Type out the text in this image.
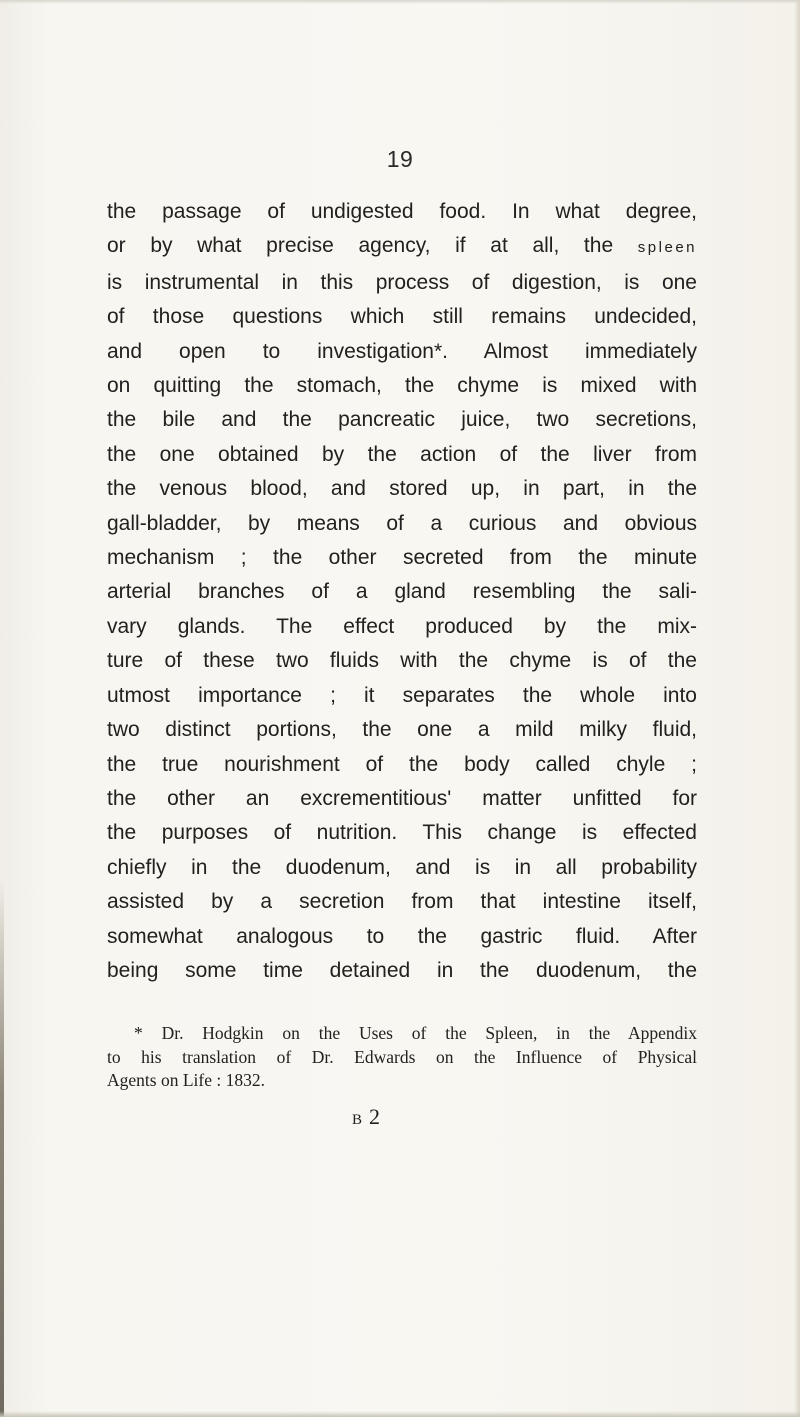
19
the passage of undigested food. In what degree,
or by what precise agency, if at all, the spleen
is instrumental in this process of digestion, is one
of those questions which still remains undecided,
and open to investigation*. Almost immediately
on quitting the stomach, the chyme is mixed with
the bile and the pancreatic juice, two secretions,
the one obtained by the action of the liver from
the venous blood, and stored up, in part, in the
gall-bladder, by means of a curious and obvious
mechanism ; the other secreted from the minute
arterial branches of a gland resembling the sali-
vary glands. The effect produced by the mix-
ture of these two fluids with the chyme is of the
utmost importance ; it separates the whole into
two distinct portions, the one a mild milky fluid,
the true nourishment of the body called chyle ;
the other an excrementitious' matter unfitted for
the purposes of nutrition. This change is effected
chiefly in the duodenum, and is in all probability
assisted by a secretion from that intestine itself,
somewhat analogous to the gastric fluid. After
being some time detained in the duodenum, the
* Dr. Hodgkin on the Uses of the Spleen, in the Appendix
to his translation of Dr. Edwards on the Influence of Physical
Agents on Life : 1832.
B 2
